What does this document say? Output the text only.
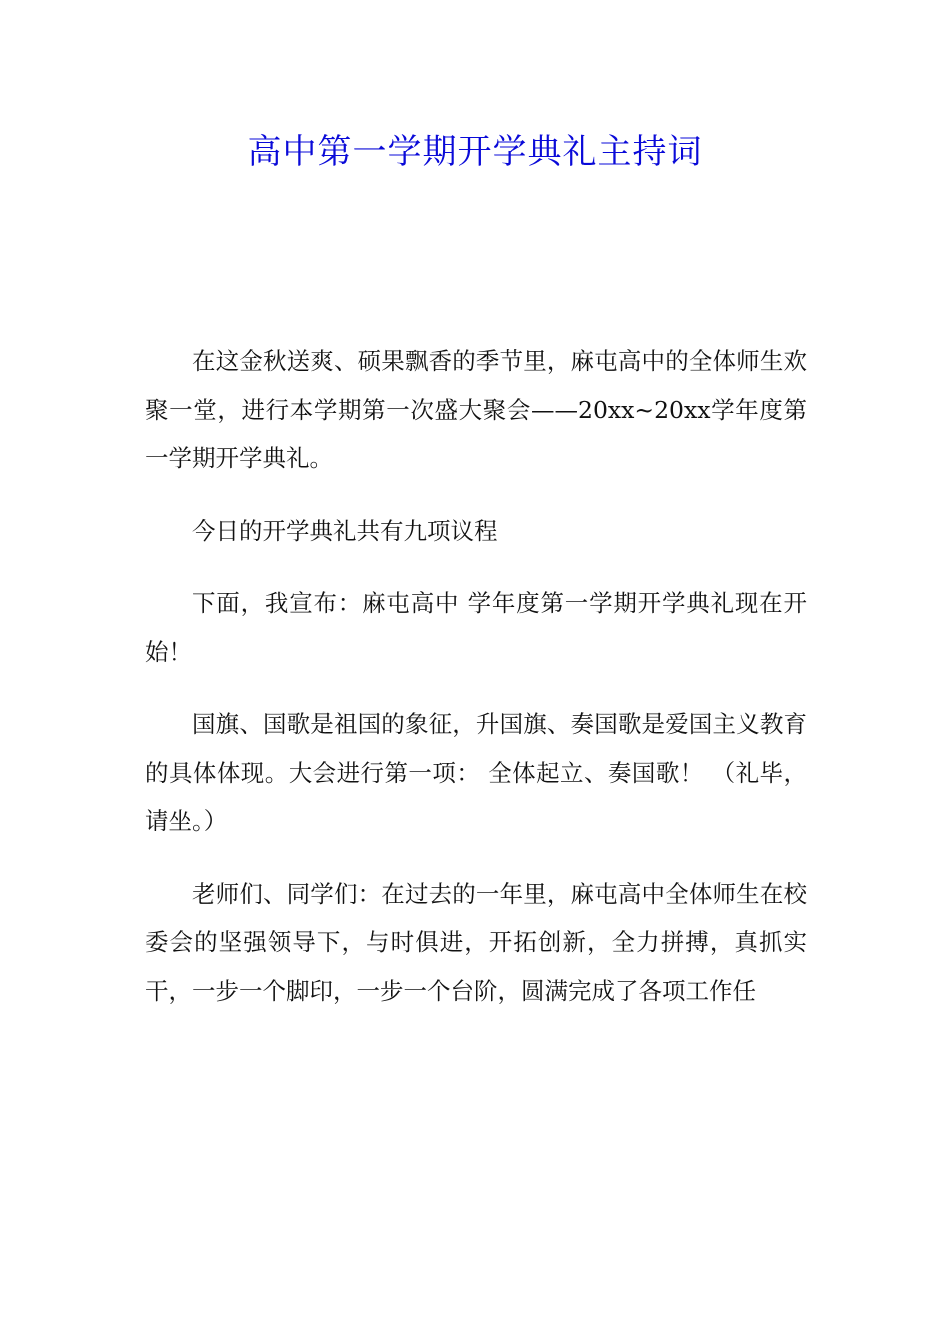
高中第一学期开学典礼主持词

在这金秋送爽、硕果飘香的季节里，麻屯高中的全体师生欢聚一堂，进行本学期第一次盛大聚会——20xx~20xx学年度第一学期开学典礼。

今日的开学典礼共有九项议程

下面，我宣布：麻屯高中 学年度第一学期开学典礼现在开始！

国旗、国歌是祖国的象征，升国旗、奏国歌是爱国主义教育的具体体现。大会进行第一项： 全体起立、奏国歌！ （礼毕，请坐。）

老师们、同学们：在过去的一年里，麻屯高中全体师生在校委会的坚强领导下，与时俱进，开拓创新，全力拼搏，真抓实干，一步一个脚印，一步一个台阶，圆满完成了各项工作任
